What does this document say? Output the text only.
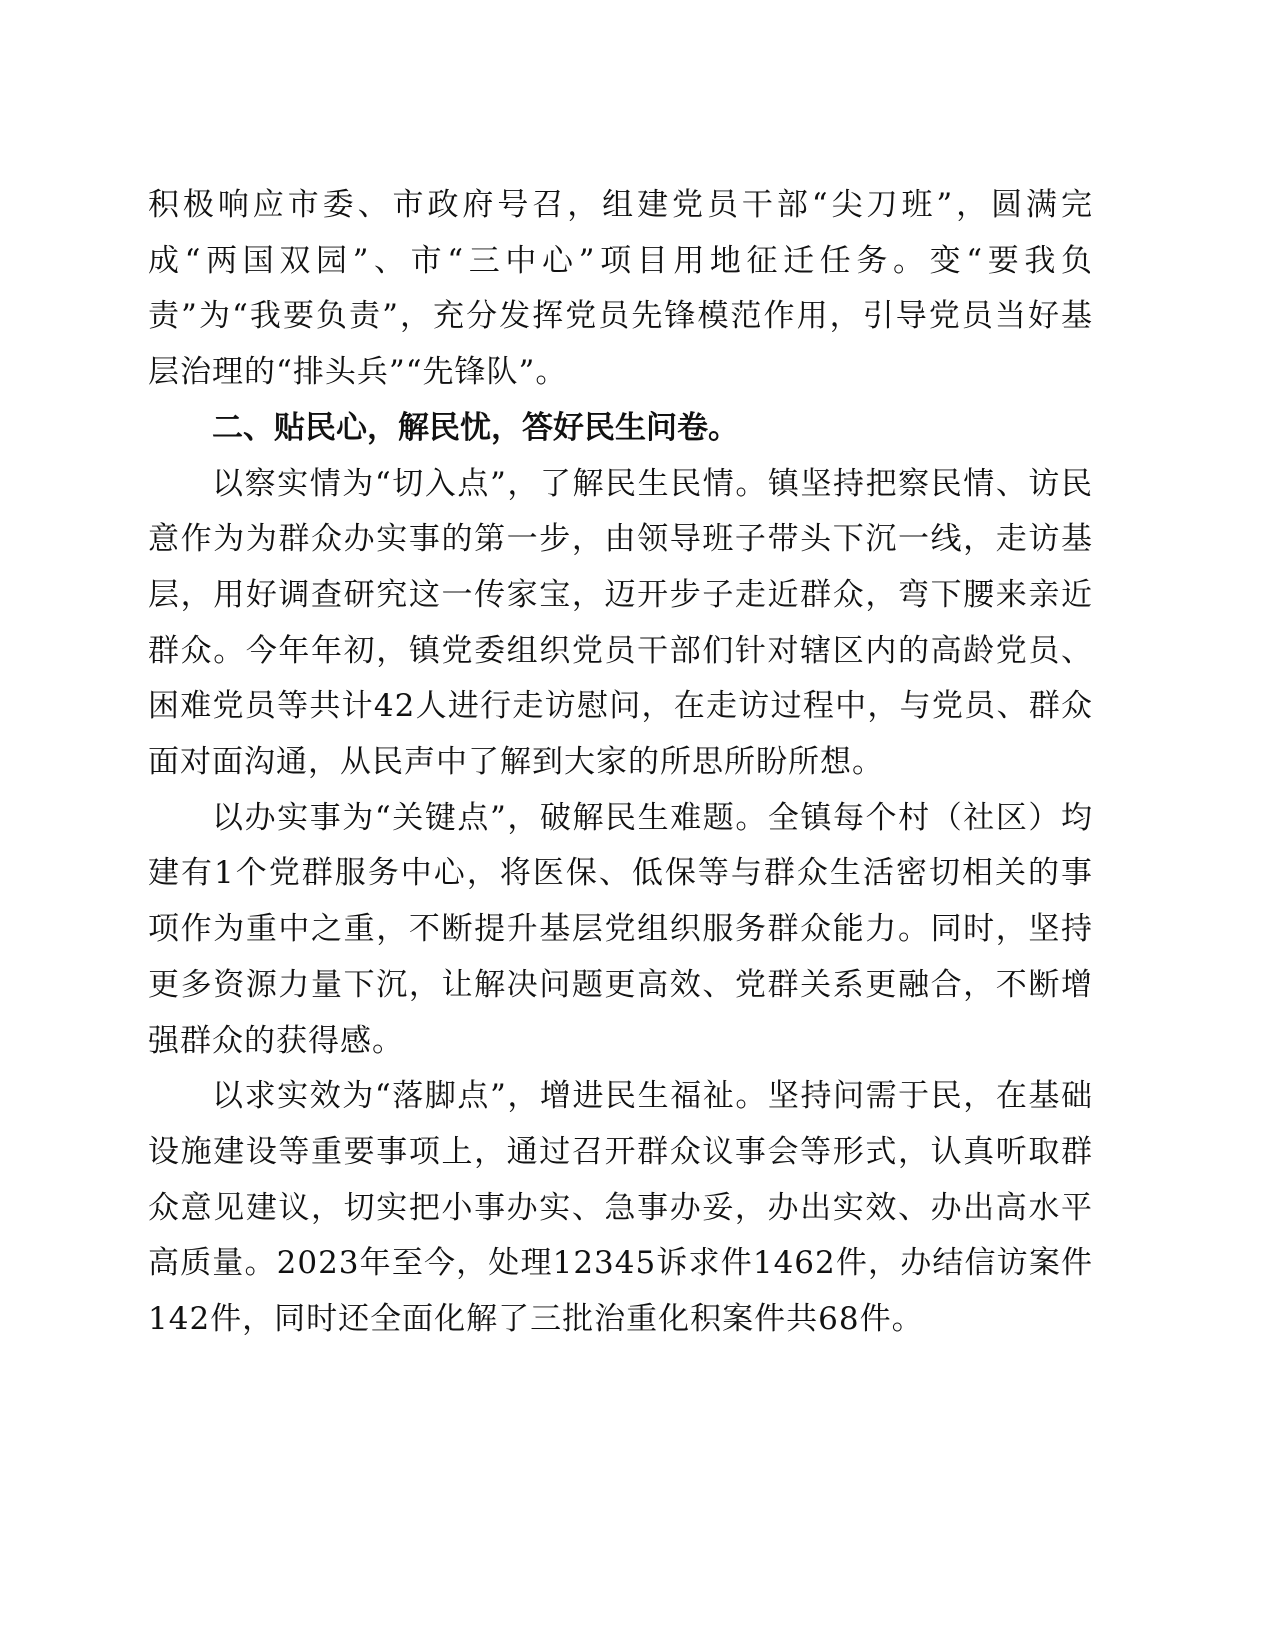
积极响应市委、市政府号召，组建党员干部“尖刀班”，圆满完成“两国双园”、市“三中心”项目用地征迁任务。变“要我负责”为“我要负责”，充分发挥党员先锋模范作用，引导党员当好基层治理的“排头兵”“先锋队”。

二、贴民心，解民忧，答好民生问卷。

以察实情为“切入点”，了解民生民情。镇坚持把察民情、访民意作为为群众办实事的第一步，由领导班子带头下沉一线，走访基层，用好调查研究这一传家宝，迈开步子走近群众，弯下腰来亲近群众。今年年初，镇党委组织党员干部们针对辖区内的高龄党员、困难党员等共计42人进行走访慰问，在走访过程中，与党员、群众面对面沟通，从民声中了解到大家的所思所盼所想。

以办实事为“关键点”，破解民生难题。全镇每个村（社区）均建有1个党群服务中心，将医保、低保等与群众生活密切相关的事项作为重中之重，不断提升基层党组织服务群众能力。同时，坚持更多资源力量下沉，让解决问题更高效、党群关系更融合，不断增强群众的获得感。

以求实效为“落脚点”，增进民生福祉。坚持问需于民，在基础设施建设等重要事项上，通过召开群众议事会等形式，认真听取群众意见建议，切实把小事办实、急事办妥，办出实效、办出高水平高质量。2023年至今，处理12345诉求件1462件，办结信访案件142件，同时还全面化解了三批治重化积案件共68件。
